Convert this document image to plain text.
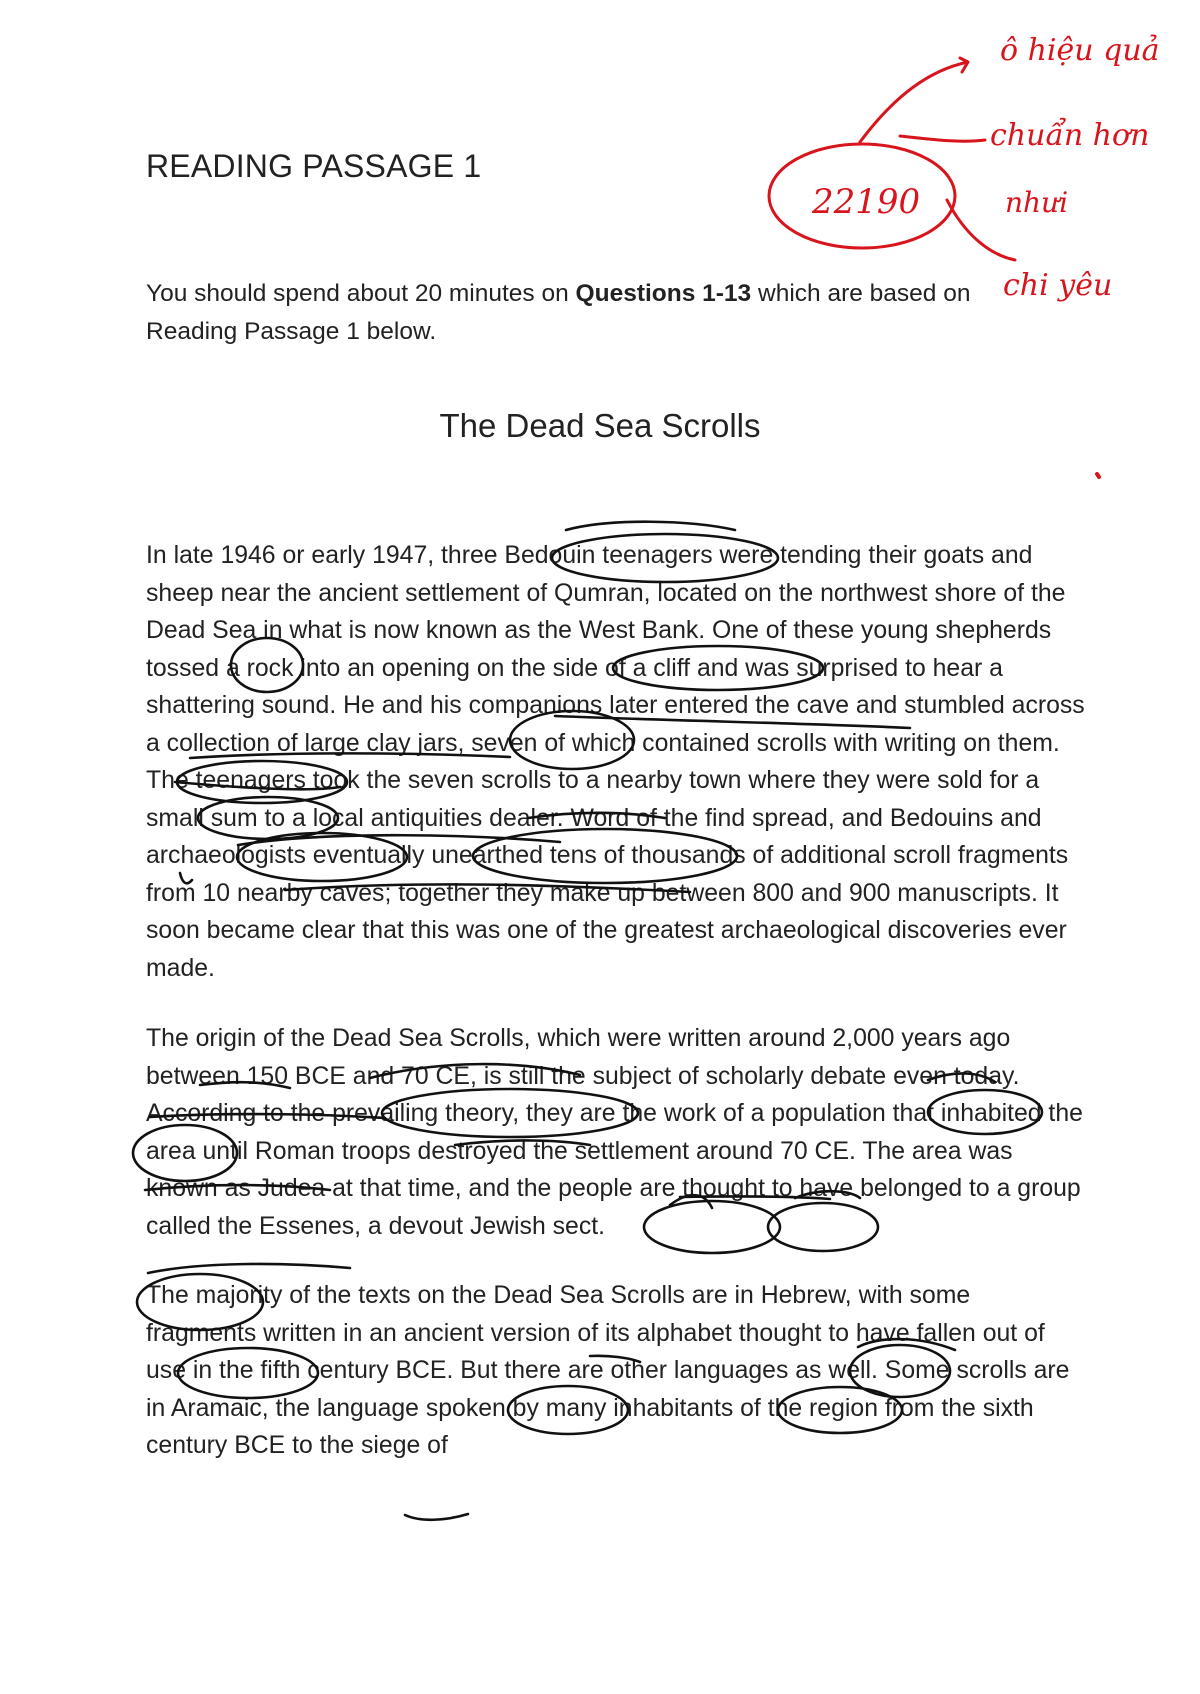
READING PASSAGE 1

You should spend about 20 minutes on Questions 1-13 which are based on Reading Passage 1 below.

The Dead Sea Scrolls

In late 1946 or early 1947, three Bedouin teenagers were tending their goats and sheep near the ancient settlement of Qumran, located on the northwest shore of the Dead Sea in what is now known as the West Bank. One of these young shepherds tossed a rock into an opening on the side of a cliff and was surprised to hear a shattering sound. He and his companions later entered the cave and stumbled across a collection of large clay jars, seven of which contained scrolls with writing on them. The teenagers took the seven scrolls to a nearby town where they were sold for a small sum to a local antiquities dealer. Word of the find spread, and Bedouins and archaeologists eventually unearthed tens of thousands of additional scroll fragments from 10 nearby caves; together they make up between 800 and 900 manuscripts. It soon became clear that this was one of the greatest archaeological discoveries ever made.

The origin of the Dead Sea Scrolls, which were written around 2,000 years ago between 150 BCE and 70 CE, is still the subject of scholarly debate even today. According to the prevailing theory, they are the work of a population that inhabited the area until Roman troops destroyed the settlement around 70 CE. The area was known as Judea at that time, and the people are thought to have belonged to a group called the Essenes, a devout Jewish sect.

The majority of the texts on the Dead Sea Scrolls are in Hebrew, with some fragments written in an ancient version of its alphabet thought to have fallen out of use in the fifth century BCE. But there are other languages as well. Some scrolls are in Aramaic, the language spoken by many inhabitants of the region from the sixth century BCE to the siege of

22190
ô hiệu quả
chuẩn hơn
nhưi
chi yêu
